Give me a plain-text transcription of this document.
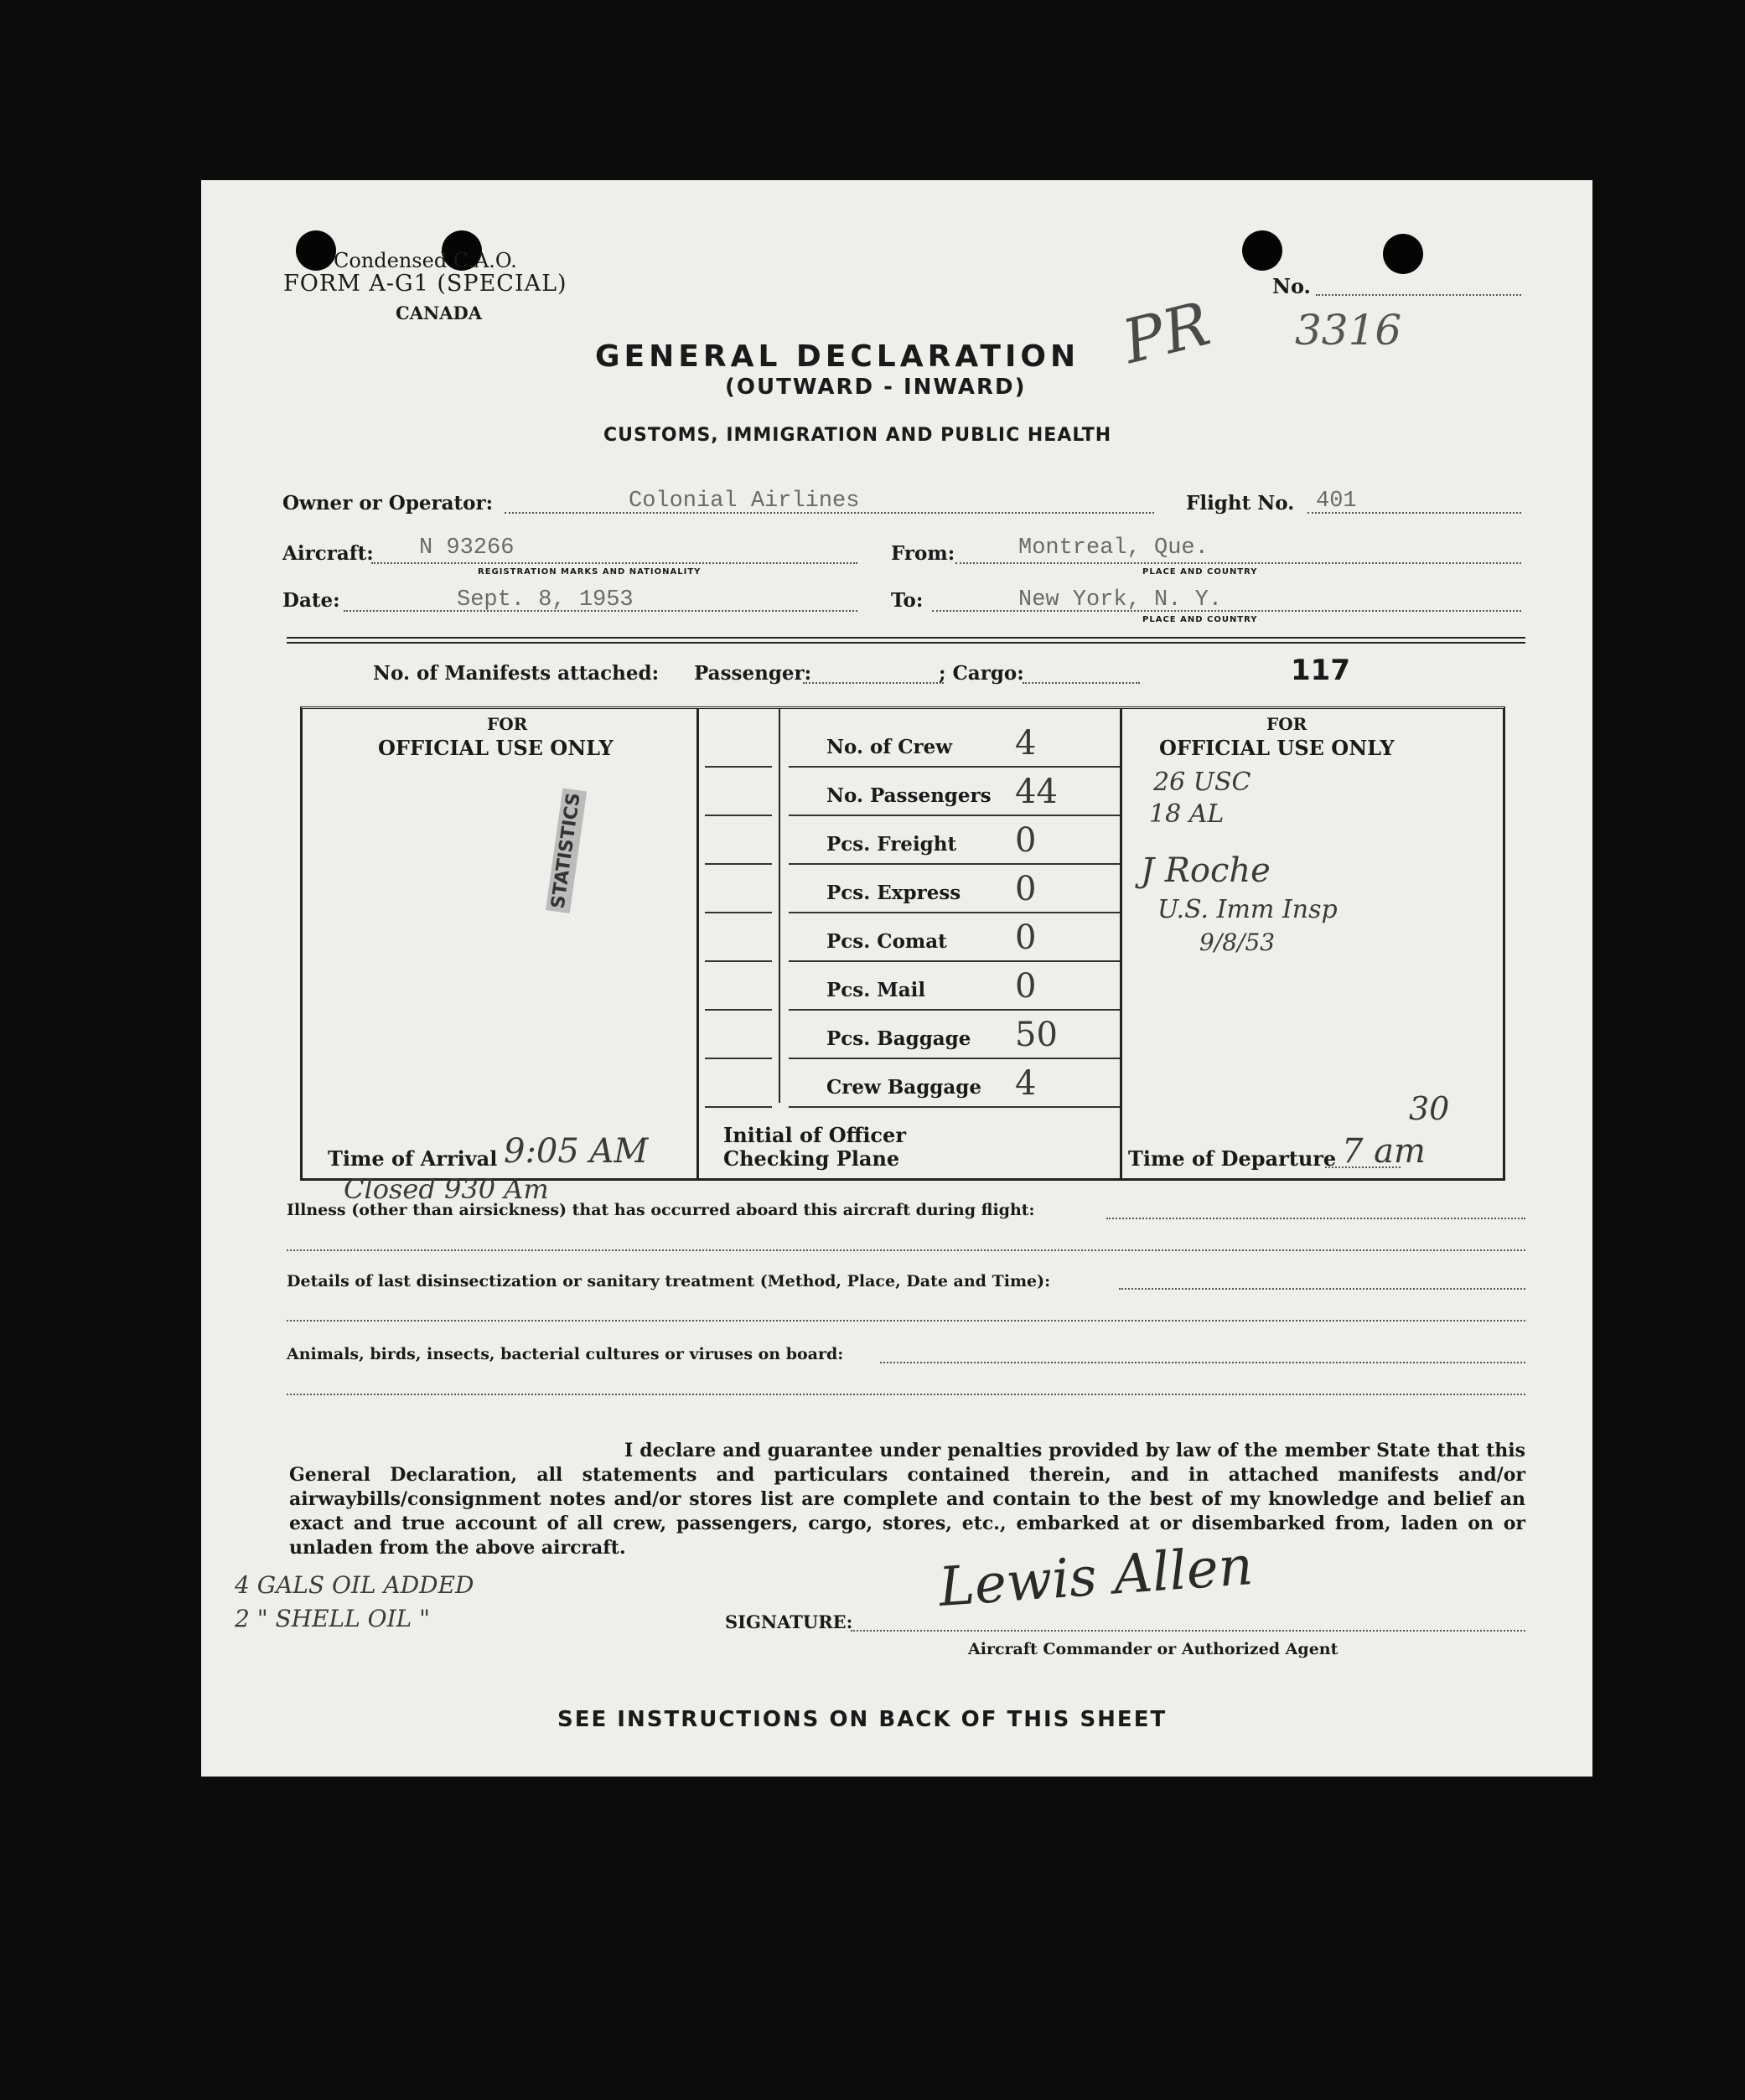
Condensed C.A.O.
FORM A-G1 (SPECIAL)
CANADA
No.
PR 3316
GENERAL DECLARATION
(OUTWARD - INWARD)
CUSTOMS, IMMIGRATION AND PUBLIC HEALTH
Owner or Operator:	Colonial Airlines	Flight No. 401
Aircraft: N 93266
REGISTRATION MARKS AND NATIONALITY
From:	Montreal, Que.
PLACE AND COUNTRY
Date:	Sept. 8, 1953	To:	New York, N. Y.
PLACE AND COUNTRY
No. of Manifests attached: Passenger:	; Cargo:	117
FOR
OFFICIAL USE ONLY
STATISTICS
FOR
OFFICIAL USE ONLY
26 USC
18 AL
J Roche
U.S. Imm Insp
9/8/53
No. of Crew	4
No. Passengers 44
Pcs. Freight	0
Pcs. Express	0
Pcs. Comat	0
Pcs. Mail	0
Pcs. Baggage	50
Crew Baggage	4
Time of Arrival 9:05 AM	Initial of Officer
Checking Plane	Time of Departure 7 am
30
Closed 930 Am
Illness (other than airsickness) that has occurred aboard this aircraft during flight:
Details of last disinsectization or sanitary treatment (Method, Place, Date and Time):
Animals, birds, insects, bacterial cultures or viruses on board:
I declare and guarantee under penalties provided by law of the member State that this General Declaration, all statements and particulars contained therein, and in attached manifests and/or airwaybills/consignment notes and/or stores list are complete and contain to the best of my knowledge and belief an exact and true account of all crew, passengers, cargo, stores, etc., embarked at or disembarked from, laden on or unladen from the above aircraft.
4 GALS OIL ADDED
2 " SHELL OIL "	SIGNATURE:
Lewis Allen
Aircraft Commander or Authorized Agent
SEE INSTRUCTIONS ON BACK OF THIS SHEET
